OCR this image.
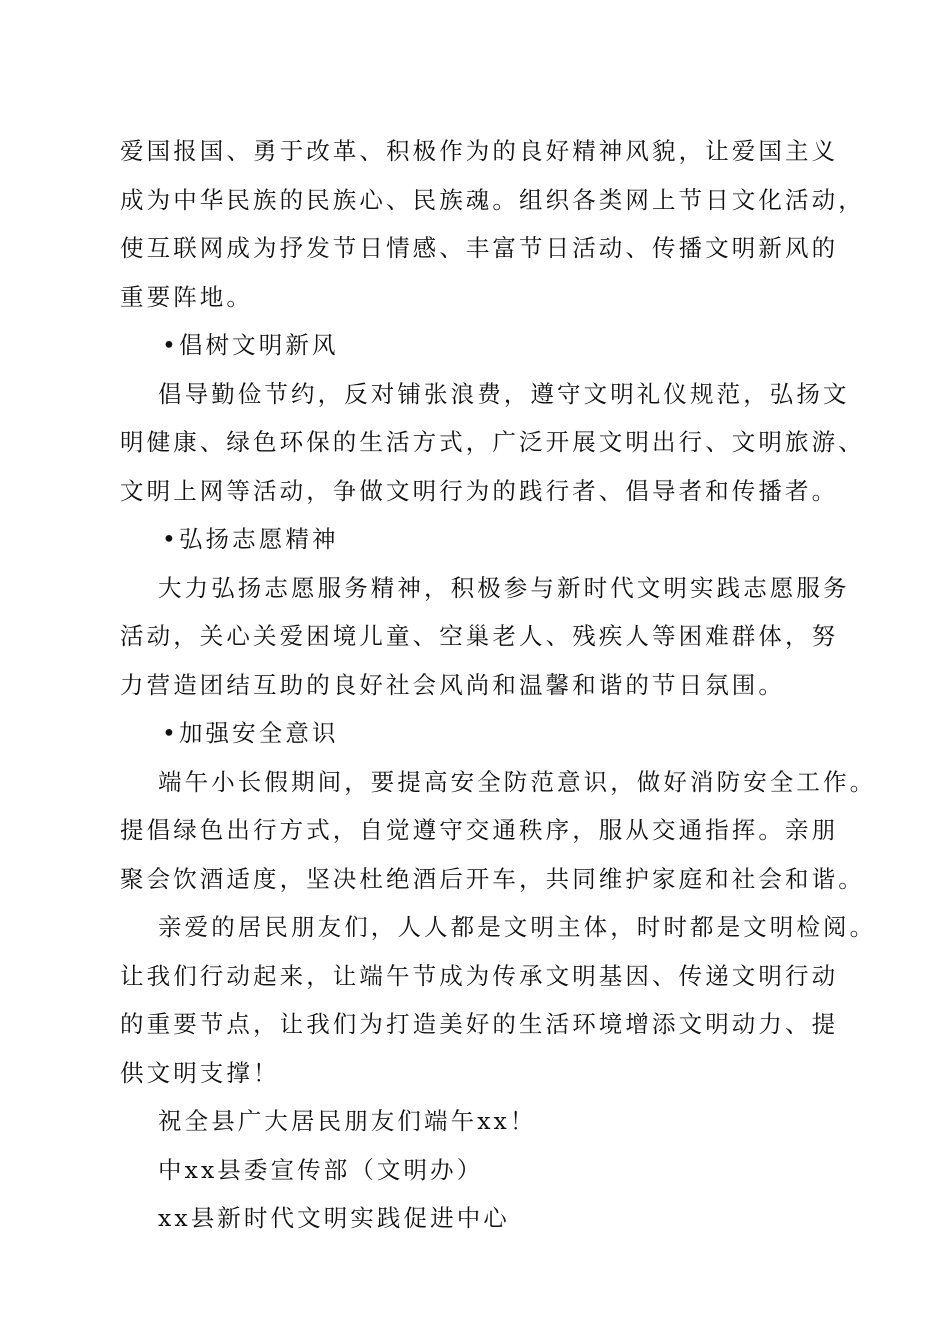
爱国报国、勇于改革、积极作为的良好精神风貌，让爱国主义
成为中华民族的民族心、民族魂。组织各类网上节日文化活动，
使互联网成为抒发节日情感、丰富节日活动、传播文明新风的
重要阵地。
•倡树文明新风
倡导勤俭节约，反对铺张浪费，遵守文明礼仪规范，弘扬文
明健康、绿色环保的生活方式，广泛开展文明出行、文明旅游、
文明上网等活动，争做文明行为的践行者、倡导者和传播者。
•弘扬志愿精神
大力弘扬志愿服务精神，积极参与新时代文明实践志愿服务
活动，关心关爱困境儿童、空巢老人、残疾人等困难群体，努
力营造团结互助的良好社会风尚和温馨和谐的节日氛围。
•加强安全意识
端午小长假期间，要提高安全防范意识，做好消防安全工作。
提倡绿色出行方式，自觉遵守交通秩序，服从交通指挥。亲朋
聚会饮酒适度，坚决杜绝酒后开车，共同维护家庭和社会和谐。
亲爱的居民朋友们，人人都是文明主体，时时都是文明检阅。
让我们行动起来，让端午节成为传承文明基因、传递文明行动
的重要节点，让我们为打造美好的生活环境增添文明动力、提
供文明支撑！
祝全县广大居民朋友们端午xx！
中xx县委宣传部（文明办）
xx县新时代文明实践促进中心
